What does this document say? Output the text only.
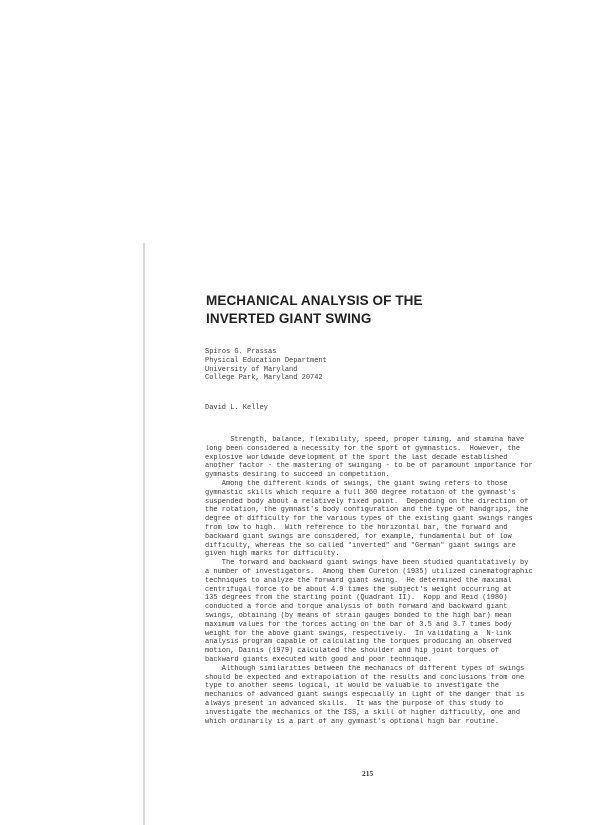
MECHANICAL ANALYSIS OF THE
INVERTED GIANT SWING
Spiros G. Prassas
Physical Education Department
University of Maryland
College Park, Maryland 20742
David L. Kelley
Strength, balance, flexibility, speed, proper timing, and stamina have
long been considered a necessity for the sport of gymnastics.  However, the
explosive worldwide development of the sport the last decade established
another factor - the mastering of swinging - to be of paramount importance for
gymnasts desiring to succeed in competition.
Among the different kinds of swings, the giant swing refers to those
gymnastic skills which require a full 360 degree rotation of the gymnast's
suspended body about a relatively fixed point.  Depending on the direction of
the rotation, the gymnast's body configuration and the type of handgrips, the
degree of difficulty for the various types of the existing giant swings ranges
from low to high.  With reference to the horizontal bar, the forward and
backward giant swings are considered, for example, fundamental but of low
difficulty, whereas the so called "inverted" and "German" giant swings are
given high marks for difficulty.
The forward and backward giant swings have been studied quantitatively by
a number of investigators.  Among them Cureton (1935) utilized cinematographic
techniques to analyze the forward giant swing.  He determined the maximal
centrifugal force to be about 4.9 times the subject's weight occurring at
135 degrees from the starting point (Quadrant II).  Kopp and Reid (1980)
conducted a force and torque analysis of both forward and backward giant
swings, obtaining (by means of strain gauges bonded to the high bar) mean
maximum values for the forces acting on the bar of 3.5 and 3.7 times body
weight for the above giant swings, respectively.  In validating a  N-link
analysis program capable of calculating the torques producing an observed
motion, Dainis (1979) calculated the shoulder and hip joint torques of
backward giants executed with good and poor technique.
Although similarities between the mechanics of different types of swings
should be expected and extrapolation of the results and conclusions from one
type to another seems logical, it would be valuable to investigate the
mechanics of advanced giant swings especially in light of the danger that is
always present in advanced skills.  It was the purpose of this study to
investigate the mechanics of the ISS, a skill of higher difficulty, one and
which ordinarily is a part of any gymnast's optional high bar routine.
215
